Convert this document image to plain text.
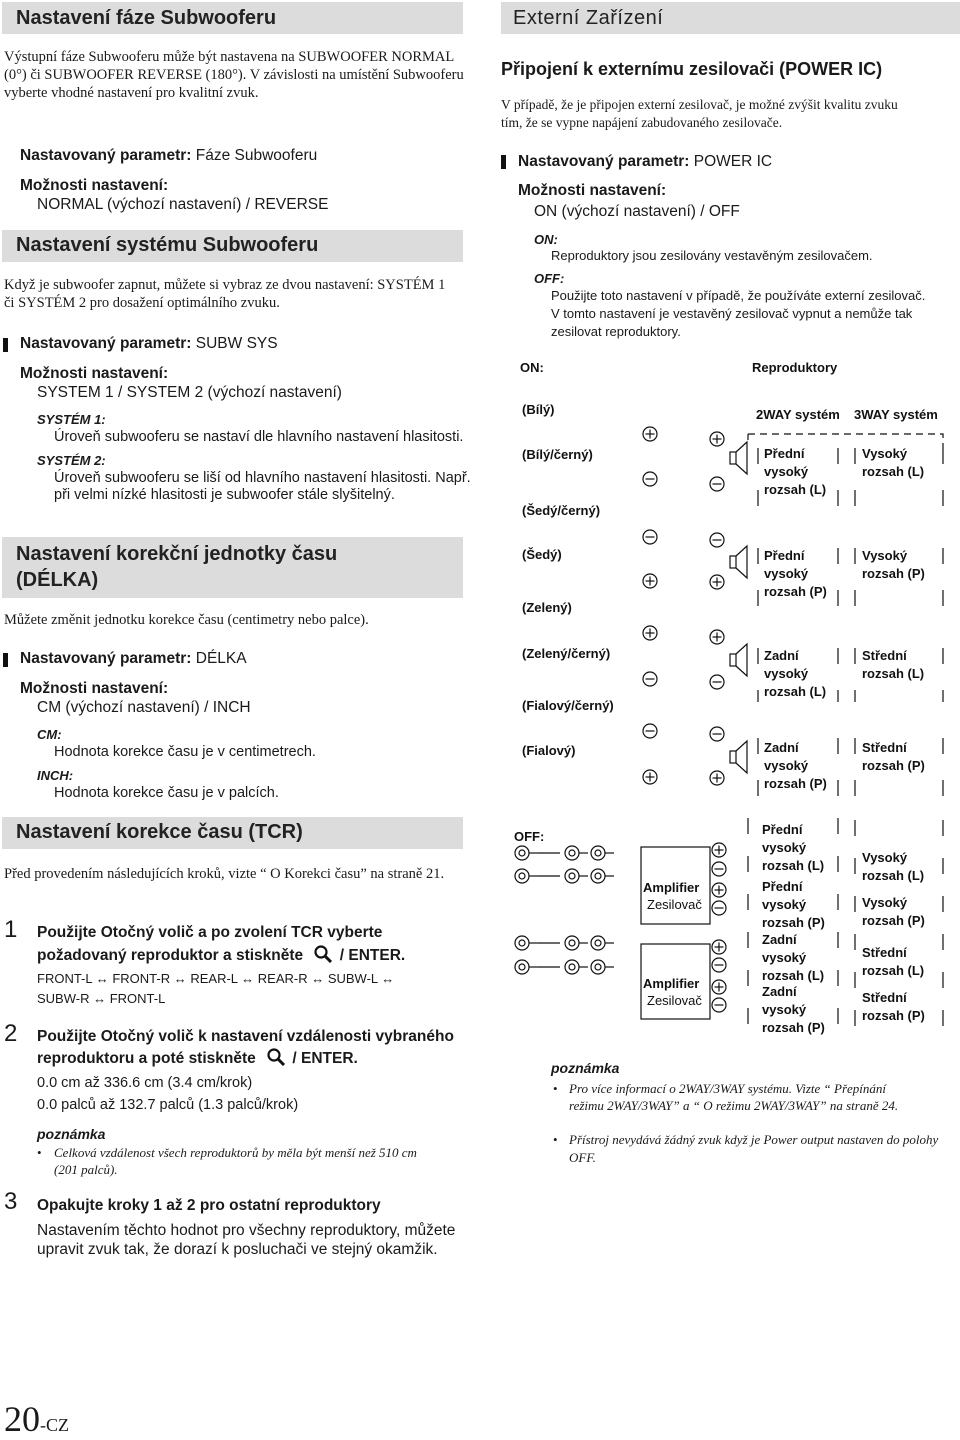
Nastavení fáze Subwooferu
Výstupní fáze Subwooferu může být nastavena na SUBWOOFER NORMAL (0°) či SUBWOOFER REVERSE (180°). V závislosti na umístění Subwooferu vyberte vhodné nastavení pro kvalitní zvuk.
Nastavovaný parametr: Fáze Subwooferu
Možnosti nastavení:
NORMAL (výchozí nastavení) / REVERSE
Nastavení systému Subwooferu
Když je subwoofer zapnut, můžete si vybraz ze dvou nastavení: SYSTÉM 1 či SYSTÉM 2 pro dosažení optimálního zvuku.
Nastavovaný parametr: SUBW SYS
Možnosti nastavení:
SYSTEM 1 / SYSTEM 2 (výchozí nastavení)
SYSTÉM 1:
Úroveň subwooferu se nastaví dle hlavního nastavení hlasitosti.
SYSTÉM 2:
Úroveň subwooferu se liší od hlavního nastavení hlasitosti. Např.
při velmi nízké hlasitosti je subwoofer stále slyšitelný.
Nastavení korekční jednotky času
(DÉLKA)
Můžete změnit jednotku korekce času (centimetry nebo palce).
Nastavovaný parametr: DÉLKA
Možnosti nastavení:
CM (výchozí nastavení) / INCH
CM:
Hodnota korekce času je v centimetrech.
INCH:
Hodnota korekce času je v palcích.
Nastavení korekce času (TCR)
Před provedením následujících kroků, vizte “ O Korekci času” na straně 21.
1 Použijte Otočný volič a po zvolení TCR vyberte
požadovaný reproduktor a stiskněte / ENTER.
FRONT-L ↔ FRONT-R ↔ REAR-L ↔ REAR-R ↔ SUBW-L ↔
SUBW-R ↔ FRONT-L
2 Použijte Otočný volič k nastavení vzdálenosti vybraného
reproduktoru a poté stiskněte / ENTER.
0.0 cm až 336.6 cm (3.4 cm/krok)
0.0 palců až 132.7 palců (1.3 palců/krok)
poznámka
• Celková vzdálenost všech reproduktorů by měla být menší než 510 cm
(201 palců).
3 Opakujte kroky 1 až 2 pro ostatní reproduktory
Nastavením těchto hodnot pro všechny reproduktory, můžete
upravit zvuk tak, že dorazí k posluchači ve stejný okamžik.
20-CZ
Externí Zařízení
Připojení k externímu zesilovači (POWER IC)
V případě, že je připojen externí zesilovač, je možné zvýšit kvalitu zvuku
tím, že se vypne napájení zabudovaného zesilovače.
Nastavovaný parametr: POWER IC
Možnosti nastavení:
ON (výchozí nastavení) / OFF
ON:
Reproduktory jsou zesilovány vestavěným zesilovačem.
OFF:
Použijte toto nastavení v případě, že používáte externí zesilovač.
V tomto nastavení je vestavěný zesilovač vypnut a nemůže tak
zesilovat reproduktory.
ON:	Reproduktory
2WAY systém 3WAY systém
(Bílý)
(Bílý/černý)
(Šedý/černý)
(Šedý)
(Zelený)
(Zelený/černý)
(Fialový/černý)
(Fialový)
Přední
vysoký
rozsah (L)
Přední
vysoký
rozsah (P)
Zadní
vysoký
rozsah (L)
Zadní
vysoký
rozsah (P)
Vysoký
rozsah (L)
Vysoký
rozsah (P)
Střední
rozsah (L)
Střední
rozsah (P)
OFF:
Amplifier
Zesilovač
Amplifier
Zesilovač
Přední
vysoký
rozsah (L)
Přední
vysoký
rozsah (P)
Zadní
vysoký
rozsah (L)
Zadní
vysoký
rozsah (P)
Vysoký
rozsah (L)
Vysoký
rozsah (P)
Střední
rozsah (L)
Střední
rozsah (P)
poznámka
• Pro více informací o 2WAY/3WAY systému. Vizte “ Přepínání
režimu 2WAY/3WAY” a “ O režimu 2WAY/3WAY” na straně 24.
• Přístroj nevydává žádný zvuk když je Power output nastaven do polohy
OFF.
